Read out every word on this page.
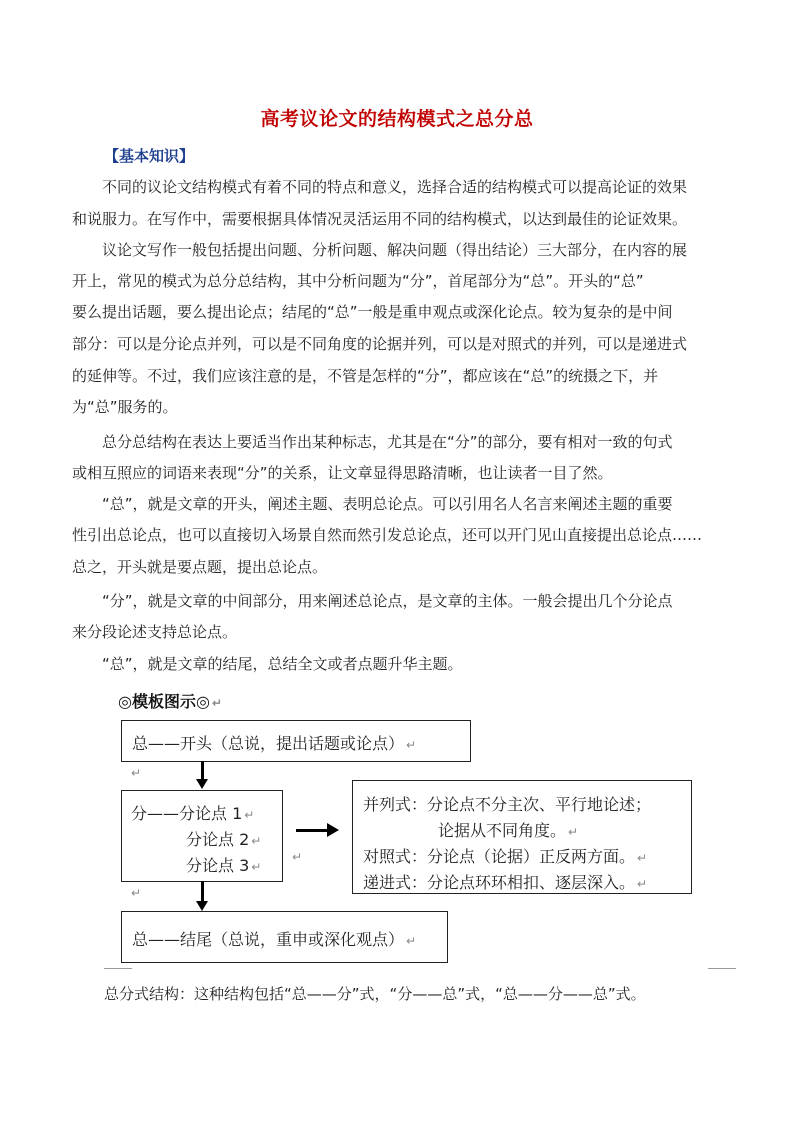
高考议论文的结构模式之总分总
【基本知识】
　　不同的议论文结构模式有着不同的特点和意义，选择合适的结构模式可以提高论证的效果
和说服力。在写作中，需要根据具体情况灵活运用不同的结构模式，以达到最佳的论证效果。
　　议论文写作一般包括提出问题、分析问题、解决问题（得出结论）三大部分，在内容的展
开上，常见的模式为总分总结构，其中分析问题为“分”，首尾部分为“总”。开头的“总”
要么提出话题，要么提出论点；结尾的“总”一般是重申观点或深化论点。较为复杂的是中间
部分：可以是分论点并列，可以是不同角度的论据并列，可以是对照式的并列，可以是递进式
的延伸等。不过，我们应该注意的是，不管是怎样的“分”，都应该在“总”的统摄之下，并
为“总”服务的。
　　总分总结构在表达上要适当作出某种标志，尤其是在“分”的部分，要有相对一致的句式
或相互照应的词语来表现“分”的关系，让文章显得思路清晰，也让读者一目了然。
　　“总”，就是文章的开头，阐述主题、表明总论点。可以引用名人名言来阐述主题的重要
性引出总论点，也可以直接切入场景自然而然引发总论点，还可以开门见山直接提出总论点……
总之，开头就是要点题，提出总论点。
　　“分”，就是文章的中间部分，用来阐述总论点，是文章的主体。一般会提出几个分论点
来分段论述支持总论点。
　　“总”，就是文章的结尾，总结全文或者点题升华主题。
◎模板图示◎ ↵
总——开头（总说，提出话题或论点） ↵
↵
分——分论点 1 ↵
分论点 2 ↵
分论点 3 ↵
↵
↵
并列式：分论点不分主次、平行地论述；
论据从不同角度。 ↵
对照式：分论点（论据）正反两方面。 ↵
递进式：分论点环环相扣、逐层深入。 ↵
总——结尾（总说，重申或深化观点） ↵
总分式结构：这种结构包括“总——分”式，“分——总”式，“总——分——总”式。
